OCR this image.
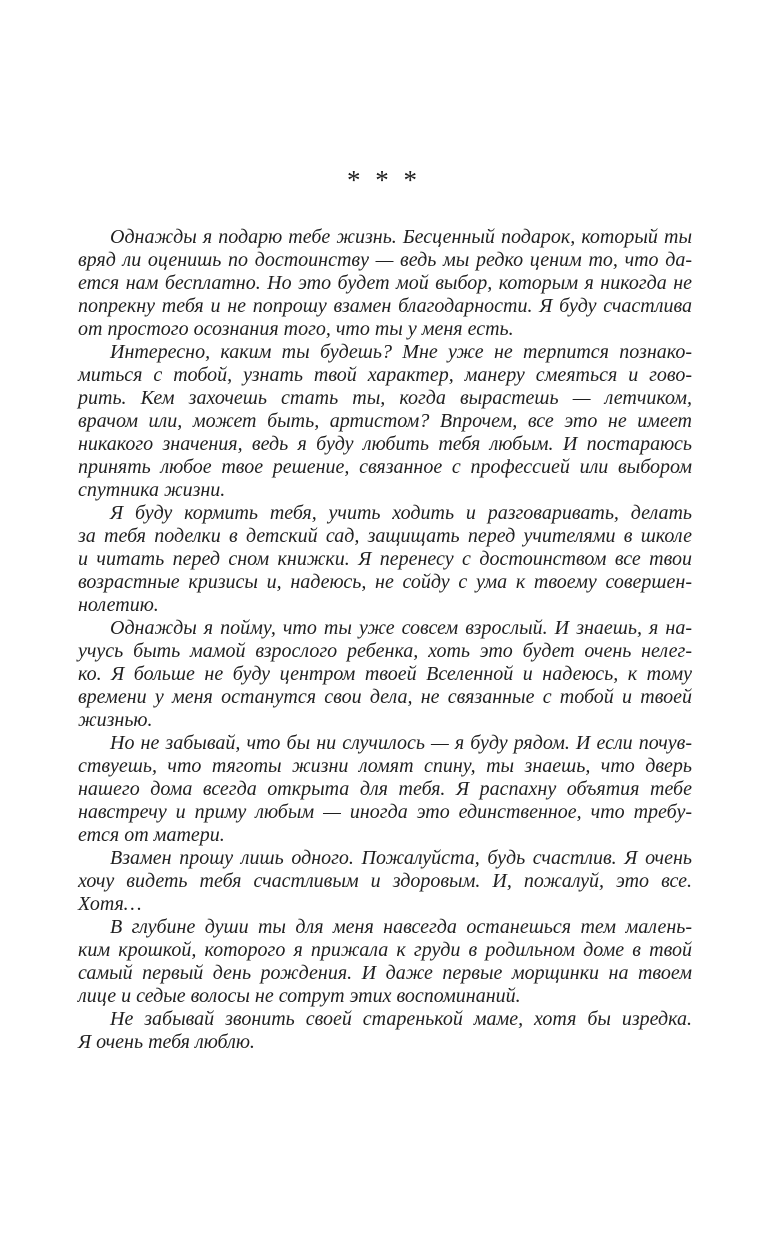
* * *
Однажды я подарю тебе жизнь. Бесценный подарок, который ты
вряд ли оценишь по достоинству — ведь мы редко ценим то, что да-
ется нам бесплатно. Но это будет мой выбор, которым я никогда не
попрекну тебя и не попрошу взамен благодарности. Я буду счастлива
от простого осознания того, что ты у меня есть.
Интересно, каким ты будешь? Мне уже не терпится познако-
миться с тобой, узнать твой характер, манеру смеяться и гово-
рить. Кем захочешь стать ты, когда вырастешь — летчиком,
врачом или, может быть, артистом? Впрочем, все это не имеет
никакого значения, ведь я буду любить тебя любым. И постараюсь
принять любое твое решение, связанное с профессией или выбором
спутника жизни.
Я буду кормить тебя, учить ходить и разговаривать, делать
за тебя поделки в детский сад, защищать перед учителями в школе
и читать перед сном книжки. Я перенесу с достоинством все твои
возрастные кризисы и, надеюсь, не сойду с ума к твоему совершен-
нолетию.
Однажды я пойму, что ты уже совсем взрослый. И знаешь, я на-
учусь быть мамой взрослого ребенка, хоть это будет очень нелег-
ко. Я больше не буду центром твоей Вселенной и надеюсь, к тому
времени у меня останутся свои дела, не связанные с тобой и твоей
жизнью.
Но не забывай, что бы ни случилось — я буду рядом. И если почув-
ствуешь, что тяготы жизни ломят спину, ты знаешь, что дверь
нашего дома всегда открыта для тебя. Я распахну объятия тебе
навстречу и приму любым — иногда это единственное, что требу-
ется от матери.
Взамен прошу лишь одного. Пожалуйста, будь счастлив. Я очень
хочу видеть тебя счастливым и здоровым. И, пожалуй, это все.
Хотя…
В глубине души ты для меня навсегда останешься тем малень-
ким крошкой, которого я прижала к груди в родильном доме в твой
самый первый день рождения. И даже первые морщинки на твоем
лице и седые волосы не сотрут этих воспоминаний.
Не забывай звонить своей старенькой маме, хотя бы изредка.
Я очень тебя люблю.
